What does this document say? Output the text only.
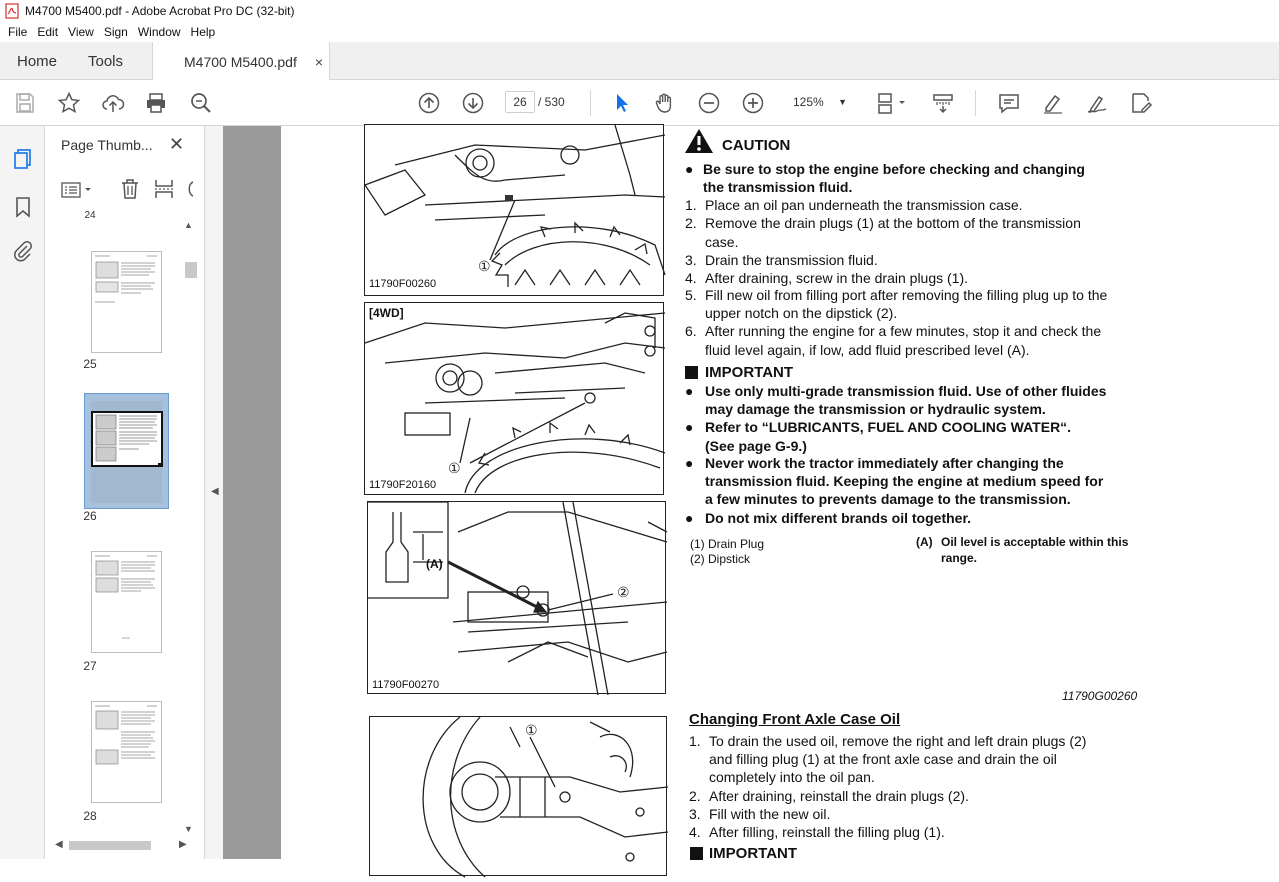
M4700 M5400.pdf - Adobe Acrobat Pro DC (32-bit)
File Edit View Sign Window Help
Home Tools	M4700 M5400.pdf ×
26 / 530	125% ▼
Page Thumb... ✕
24
25
26
27
28
▲
▼
◀	▶
◀
①
11790F00260
[4WD]
①
11790F20160
(A)
②
11790F00270
①
CAUTION
● Be sure to stop the engine before checking and changing
the transmission fluid.
1. Place an oil pan underneath the transmission case.
2. Remove the drain plugs (1) at the bottom of the transmission
case.
3. Drain the transmission fluid.
4. After draining, screw in the drain plugs (1).
5. Fill new oil from filling port after removing the filling plug up to the
upper notch on the dipstick (2).
6. After running the engine for a few minutes, stop it and check the
fluid level again, if low, add fluid prescribed level (A).
IMPORTANT
● Use only multi-grade transmission fluid. Use of other fluides
may damage the transmission or hydraulic system.
● Refer to “LUBRICANTS, FUEL AND COOLING WATER“.
(See page G-9.)
● Never work the tractor immediately after changing the
transmission fluid. Keeping the engine at medium speed for
a few minutes to prevents damage to the transmission.
● Do not mix different brands oil together.
(1) Drain Plug
(2) Dipstick
(A) Oil level is acceptable within this
range.
11790G00260
Changing Front Axle Case Oil
1. To drain the used oil, remove the right and left drain plugs (2)
and filling plug (1) at the front axle case and drain the oil
completely into the oil pan.
2. After draining, reinstall the drain plugs (2).
3. Fill with the new oil.
4. After filling, reinstall the filling plug (1).
IMPORTANT
